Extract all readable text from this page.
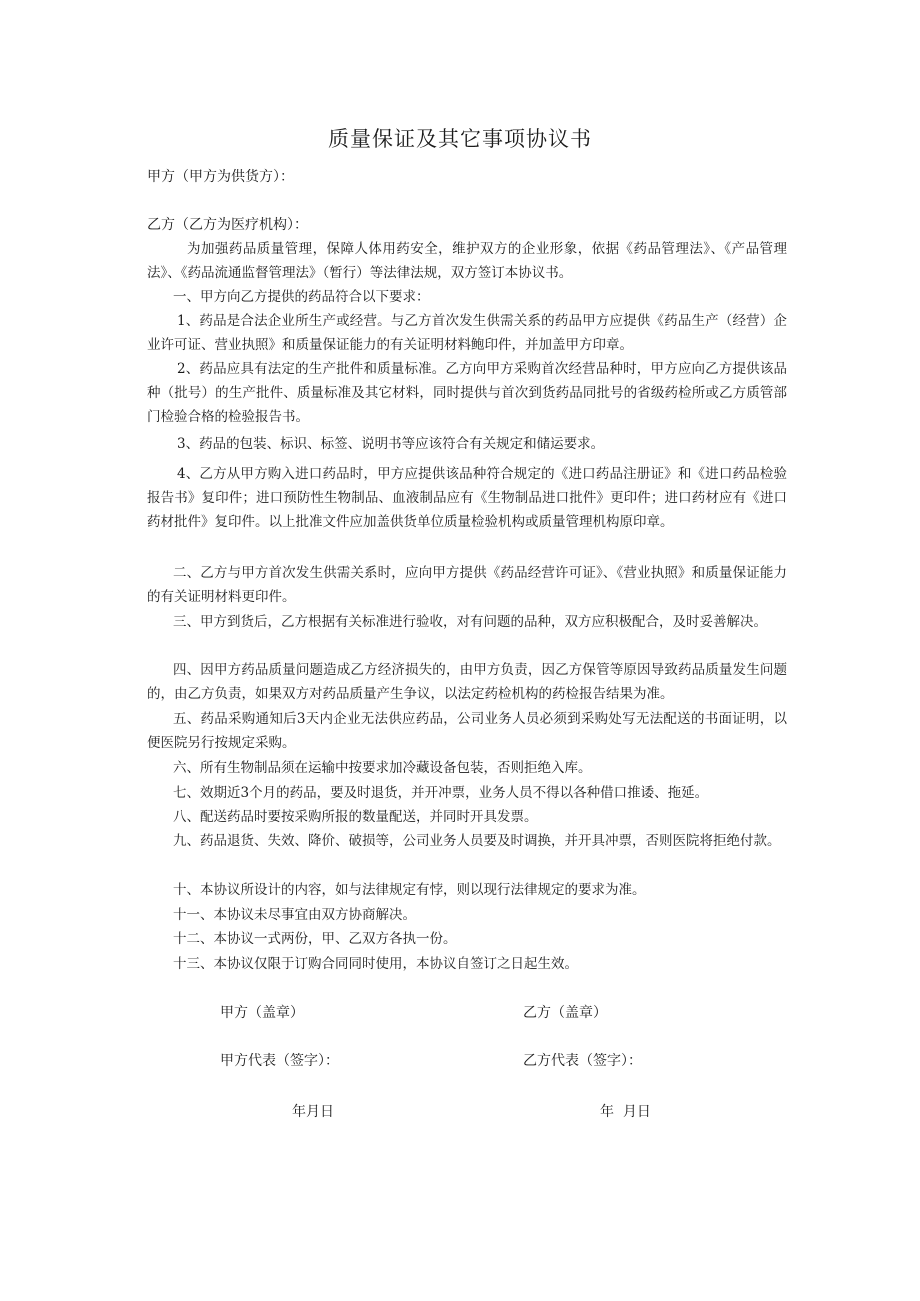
质量保证及其它事项协议书

甲方（甲方为供货方）：

乙方（乙方为医疗机构）：

为加强药品质量管理，保障人体用药安全，维护双方的企业形象，依据《药品管理法》、《产品管理法》、《药品流通监督管理法》（暂行）等法律法规，双方签订本协议书。

一、甲方向乙方提供的药品符合以下要求：

1、药品是合法企业所生产或经营。与乙方首次发生供需关系的药品甲方应提供《药品生产（经营）企业许可证、营业执照》和质量保证能力的有关证明材料鲍印件，并加盖甲方印章。

2、药品应具有法定的生产批件和质量标准。乙方向甲方采购首次经营品种时，甲方应向乙方提供该品种（批号）的生产批件、质量标准及其它材料，同时提供与首次到货药品同批号的省级药检所或乙方质管部门检验合格的检验报告书。

3、药品的包装、标识、标签、说明书等应该符合有关规定和储运要求。

4、乙方从甲方购入进口药品时，甲方应提供该品种符合规定的《进口药品注册证》和《进口药品检验报告书》复印件；进口预防性生物制品、血液制品应有《生物制品进口批件》更印件；进口药材应有《进口药材批件》复印件。以上批准文件应加盖供货单位质量检验机构或质量管理机构原印章。

二、乙方与甲方首次发生供需关系时，应向甲方提供《药品经营许可证》、《营业执照》和质量保证能力的有关证明材料更印件。

三、甲方到货后，乙方根据有关标准进行验收，对有问题的品种，双方应积极配合，及时妥善解决。

四、因甲方药品质量问题造成乙方经济损失的，由甲方负责，因乙方保管等原因导致药品质量发生问题的，由乙方负责，如果双方对药品质量产生争议，以法定药检机构的药检报告结果为准。

五、药品采购通知后3天内企业无法供应药品，公司业务人员必须到采购处写无法配送的书面证明，以便医院另行按规定采购。

六、所有生物制品须在运输中按要求加冷藏设备包装，否则拒绝入库。

七、效期近3个月的药品，要及时退货，并开冲票，业务人员不得以各种借口推诿、拖延。

八、配送药品时要按采购所报的数量配送，并同时开具发票。

九、药品退货、失效、降价、破损等，公司业务人员要及时调换，并开具冲票，否则医院将拒绝付款。

十、本协议所设计的内容，如与法律规定有悖，则以现行法律规定的要求为准。

十一、本协议未尽事宜由双方协商解决。

十二、本协议一式两份，甲、乙双方各执一份。

十三、本协议仅限于订购合同同时使用，本协议自签订之日起生效。

甲方（盖章）	乙方（盖章）

甲方代表（签字）：	乙方代表（签字）：

年月日	年  月日
